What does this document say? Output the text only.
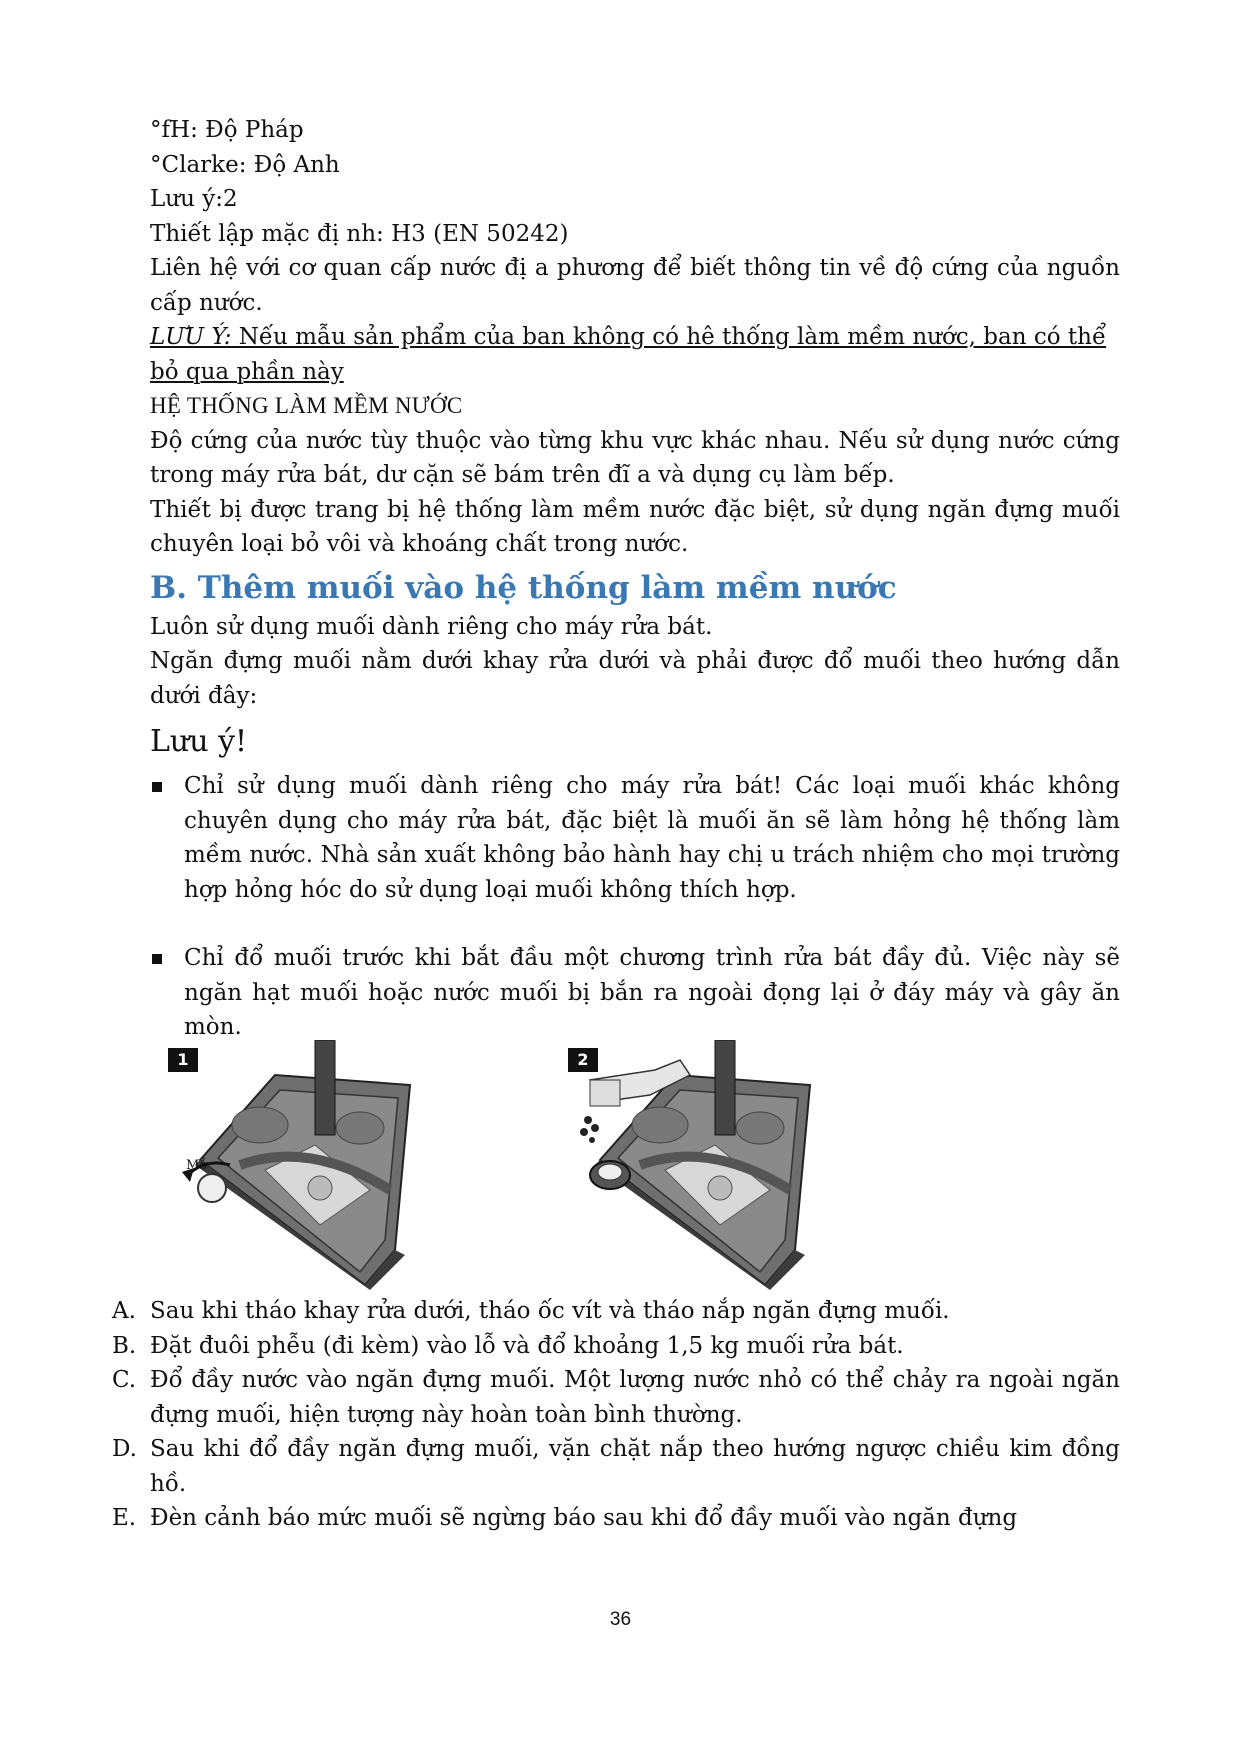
°fH: Độ Pháp

°Clarke: Độ Anh

Lưu ý:2

Thiết lập mặc đị nh: H3 (EN 50242)

Liên hệ với cơ quan cấp nước đị a phương để biết thông tin về độ cứng của nguồn cấp nước.

LƯU Ý: Nếu mẫu sản phẩm của ban không có hê thống làm mềm nước, ban có thể bỏ qua phần này

HỆ THỐNG LÀM MỀM NƯỚC

Độ cứng của nước tùy thuộc vào từng khu vực khác nhau. Nếu sử dụng nước cứng trong máy rửa bát, dư cặn sẽ bám trên đĩ a và dụng cụ làm bếp.

Thiết bị được trang bị hệ thống làm mềm nước đặc biệt, sử dụng ngăn đựng muối chuyên loại bỏ vôi và khoáng chất trong nước.

B. Thêm muối vào hệ thống làm mềm nước

Luôn sử dụng muối dành riêng cho máy rửa bát.

Ngăn đựng muối nằm dưới khay rửa dưới và phải được đổ muối theo hướng dẫn dưới đây:

Lưu ý!

Chỉ sử dụng muối dành riêng cho máy rửa bát! Các loại muối khác không chuyên dụng cho máy rửa bát, đặc biệt là muối ăn sẽ làm hỏng hệ thống làm mềm nước. Nhà sản xuất không bảo hành hay chị u trách nhiệm cho mọi trường hợp hỏng hóc do sử dụng loại muối không thích hợp.

Chỉ đổ muối trước khi bắt đầu một chương trình rửa bát đầy đủ. Việc này sẽ ngăn hạt muối hoặc nước muối bị bắn ra ngoài đọng lại ở đáy máy và gây ăn mòn.

1
Mở
2
A. Sau khi tháo khay rửa dưới, tháo ốc vít và tháo nắp ngăn đựng muối.
B. Đặt đuôi phễu (đi kèm) vào lỗ và đổ khoảng 1,5 kg muối rửa bát.
C. Đổ đầy nước vào ngăn đựng muối. Một lượng nước nhỏ có thể chảy ra ngoài ngăn đựng muối, hiện tượng này hoàn toàn bình thường.
D. Sau khi đổ đầy ngăn đựng muối, vặn chặt nắp theo hướng ngược chiều kim đồng hồ.
E. Đèn cảnh báo mức muối sẽ ngừng báo sau khi đổ đầy muối vào ngăn đựng
36
